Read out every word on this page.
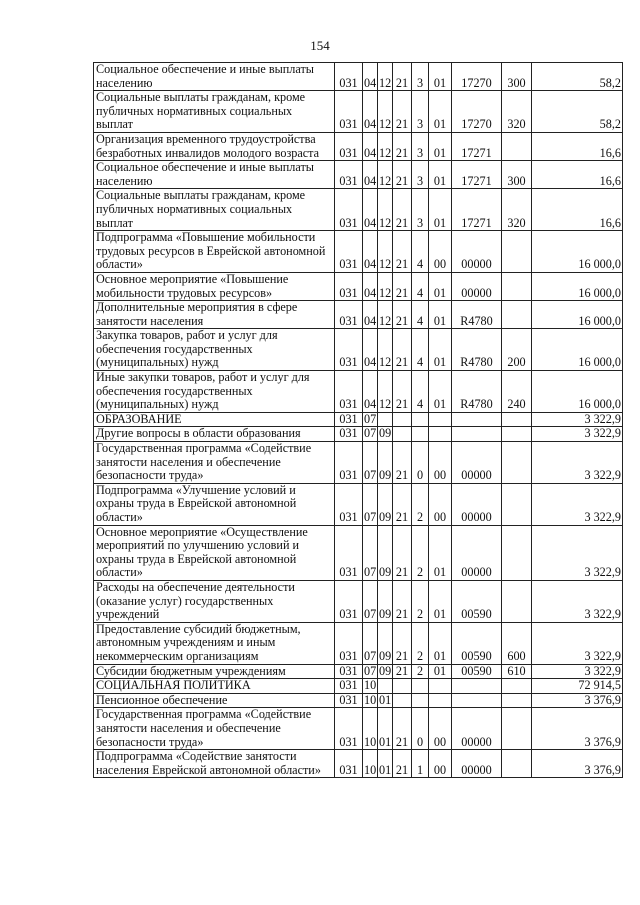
154
Социальное обеспечение и иные выплаты населению	031	04	12	21	3	01	17270	300	58,2
Социальные выплаты гражданам, кроме публичных нормативных социальных выплат	031	04	12	21	3	01	17270	320	58,2
Организация временного трудоустройства безработных инвалидов молодого возраста	031	04	12	21	3	01	17271		16,6
Социальное обеспечение и иные выплаты населению	031	04	12	21	3	01	17271	300	16,6
Социальные выплаты гражданам, кроме публичных нормативных социальных выплат	031	04	12	21	3	01	17271	320	16,6
Подпрограмма «Повышение мобильности трудовых ресурсов в Еврейской автономной области»	031	04	12	21	4	00	00000		16 000,0
Основное мероприятие «Повышение мобильности трудовых ресурсов»	031	04	12	21	4	01	00000		16 000,0
Дополнительные мероприятия в сфере занятости населения	031	04	12	21	4	01	R4780		16 000,0
Закупка товаров, работ и услуг для обеспечения государственных (муниципальных) нужд	031	04	12	21	4	01	R4780	200	16 000,0
Иные закупки товаров, работ и услуг для обеспечения государственных (муниципальных) нужд	031	04	12	21	4	01	R4780	240	16 000,0
ОБРАЗОВАНИЕ	031	07							3 322,9
Другие вопросы в области образования	031	07	09						3 322,9
Государственная программа «Содействие занятости населения и обеспечение безопасности труда»	031	07	09	21	0	00	00000		3 322,9
Подпрограмма «Улучшение условий и охраны труда в Еврейской автономной области»	031	07	09	21	2	00	00000		3 322,9
Основное мероприятие «Осуществление мероприятий по улучшению условий и охраны труда в Еврейской автономной области»	031	07	09	21	2	01	00000		3 322,9
Расходы на обеспечение деятельности (оказание услуг) государственных учреждений	031	07	09	21	2	01	00590		3 322,9
Предоставление субсидий бюджетным, автономным учреждениям и иным некоммерческим организациям	031	07	09	21	2	01	00590	600	3 322,9
Субсидии бюджетным учреждениям	031	07	09	21	2	01	00590	610	3 322,9
СОЦИАЛЬНАЯ ПОЛИТИКА	031	10							72 914,5
Пенсионное обеспечение	031	10	01						3 376,9
Государственная программа «Содействие занятости населения и обеспечение безопасности труда»	031	10	01	21	0	00	00000		3 376,9
Подпрограмма «Содействие занятости населения Еврейской автономной области»	031	10	01	21	1	00	00000		3 376,9
